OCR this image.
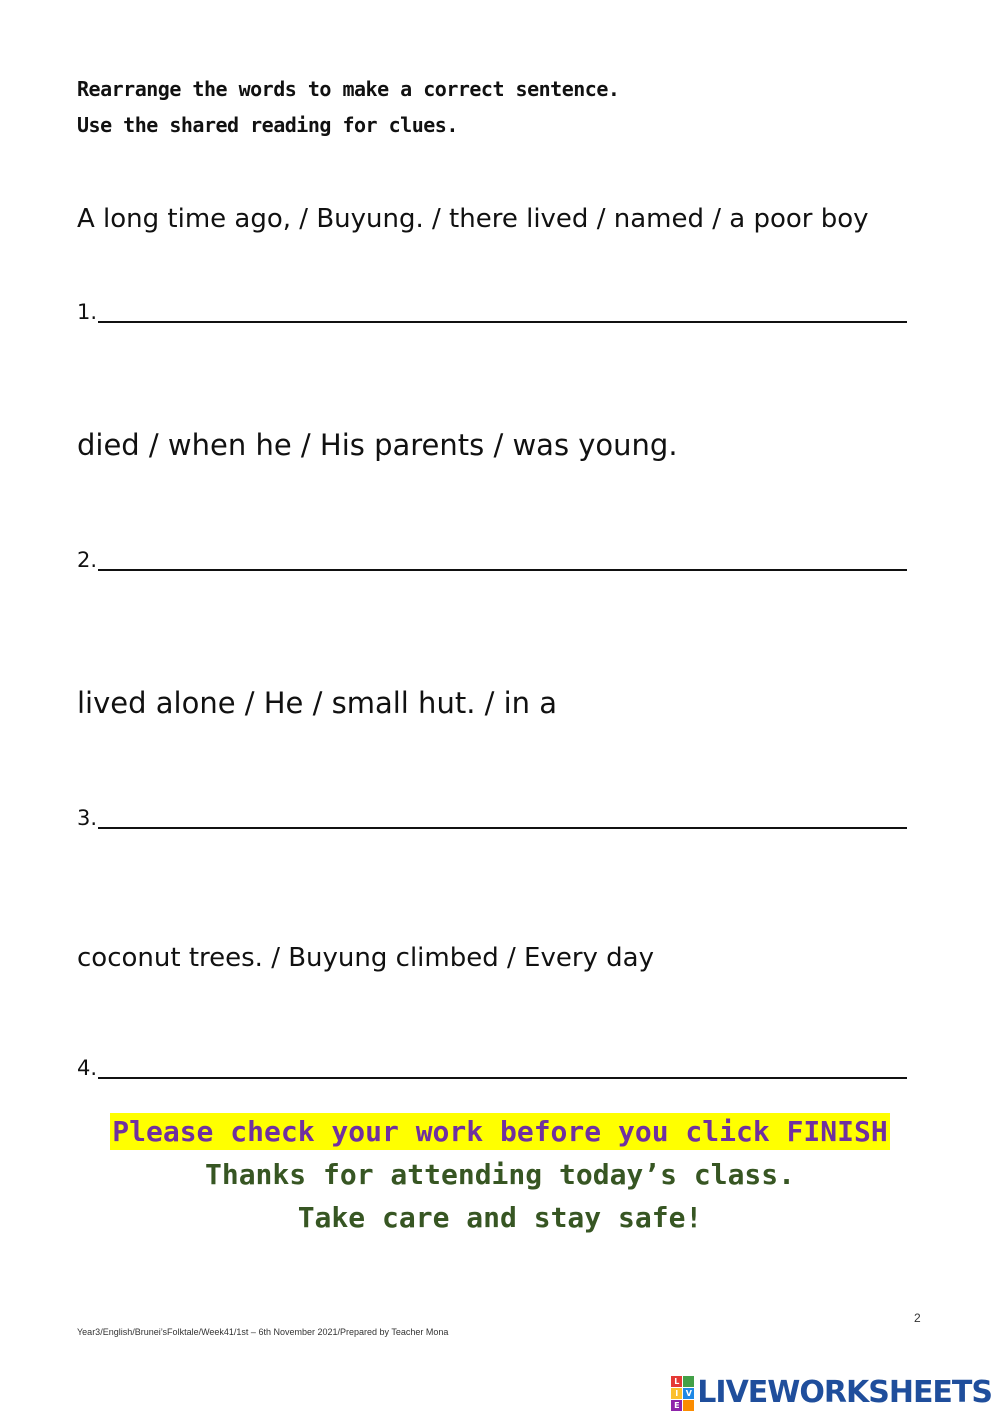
Rearrange the words to make a correct sentence.
Use the shared reading for clues.
A long time ago, / Buyung. / there lived / named / a poor boy
1.
died / when he / His parents / was young.
2.
lived alone / He / small hut. / in a
3.
coconut trees. / Buyung climbed / Every day
4.
Please check your work before you click FINISH
Thanks for attending today’s class.
Take care and stay safe!
2
Year3/English/Brunei’sFolktale/Week41/1st – 6th November 2021/Prepared by Teacher Mona
L
I V
E LIVEWORKSHEETS
